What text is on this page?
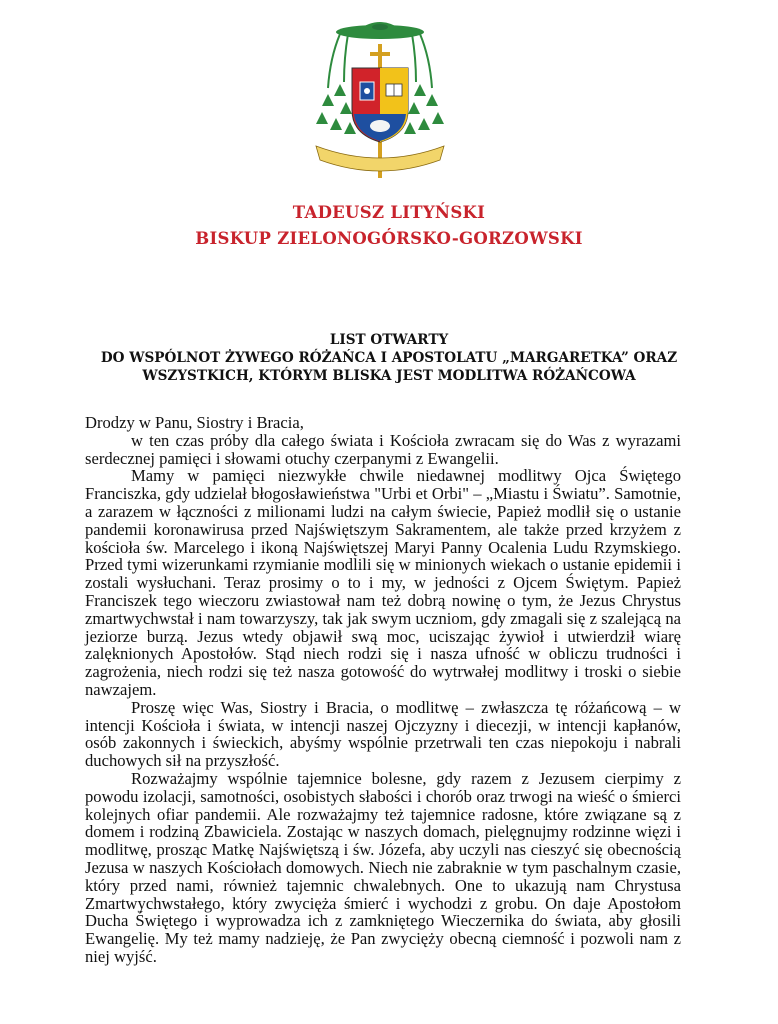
TADEUSZ LITYŃSKI
BISKUP ZIELONOGÓRSKO-GORZOWSKI
LIST OTWARTY
DO WSPÓLNOT ŻYWEGO RÓŻAŃCA I APOSTOLATU „MARGARETKA” ORAZ
WSZYSTKICH, KTÓRYM BLISKA JEST MODLITWA RÓŻAŃCOWA

Drodzy w Panu, Siostry i Bracia,

w ten czas próby dla całego świata i Kościoła zwracam się do Was z wyrazami serdecznej pamięci i słowami otuchy czerpanymi z Ewangelii.

Mamy w pamięci niezwykłe chwile niedawnej modlitwy Ojca Świętego Franciszka, gdy udzielał błogosławieństwa "Urbi et Orbi" – „Miastu i Światu”. Samotnie, a zarazem w łączności z milionami ludzi na całym świecie, Papież modlił się o ustanie pandemii koronawirusa przed Najświętszym Sakramentem, ale także przed krzyżem z kościoła św. Marcelego i ikoną Najświętszej Maryi Panny Ocalenia Ludu Rzymskiego. Przed tymi wizerunkami rzymianie modlili się w minionych wiekach o ustanie epidemii i zostali wysłuchani. Teraz prosimy o to i my, w jedności z Ojcem Świętym. Papież Franciszek tego wieczoru zwiastował nam też dobrą nowinę o tym, że Jezus Chrystus zmartwychwstał i nam towarzyszy, tak jak swym uczniom, gdy zmagali się z szalejącą na jeziorze burzą. Jezus wtedy objawił swą moc, uciszając żywioł i utwierdził wiarę zalęknionych Apostołów. Stąd niech rodzi się i nasza ufność w obliczu trudności i zagrożenia, niech rodzi się też nasza gotowość do wytrwałej modlitwy i troski o siebie nawzajem.

Proszę więc Was, Siostry i Bracia, o modlitwę – zwłaszcza tę różańcową – w intencji Kościoła i świata, w intencji naszej Ojczyzny i diecezji, w intencji kapłanów, osób zakonnych i świeckich, abyśmy wspólnie przetrwali ten czas niepokoju i nabrali duchowych sił na przyszłość.

Rozważajmy wspólnie tajemnice bolesne, gdy razem z Jezusem cierpimy z powodu izolacji, samotności, osobistych słabości i chorób oraz trwogi na wieść o śmierci kolejnych ofiar pandemii. Ale rozważajmy też tajemnice radosne, które związane są z domem i rodziną Zbawiciela. Zostając w naszych domach, pielęgnujmy rodzinne więzi i modlitwę, prosząc Matkę Najświętszą i św. Józefa, aby uczyli nas cieszyć się obecnością Jezusa w naszych Kościołach domowych. Niech nie zabraknie w tym paschalnym czasie, który przed nami, również tajemnic chwalebnych. One to ukazują nam Chrystusa Zmartwychwstałego, który zwycięża śmierć i wychodzi z grobu. On daje Apostołom Ducha Świętego i wyprowadza ich z zamkniętego Wieczernika do świata, aby głosili Ewangelię. My też mamy nadzieję, że Pan zwycięży obecną ciemność i pozwoli nam z niej wyjść.
